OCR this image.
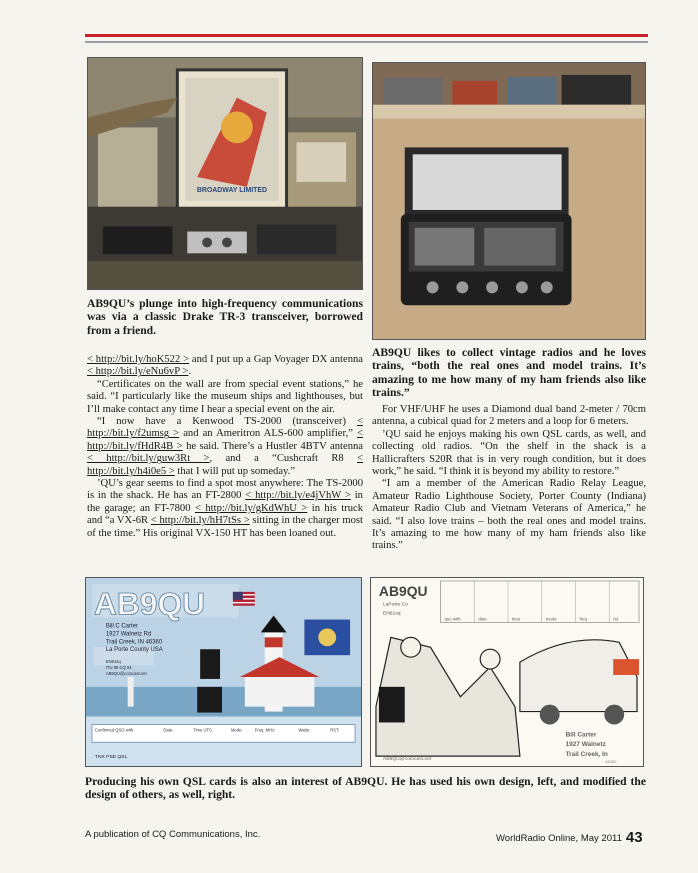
BROADWAY LIMITED
AB9QU’s plunge into high-frequency communications was via a classic Drake TR-3 transceiver, borrowed from a friend.
AB9QU likes to collect vintage radios and he loves trains, “both the real ones and model trains. It’s amazing to me how many of my ham friends also like trains.”

< http://bit.ly/hoK522 > and I put up a Gap Voyager DX antenna < http://bit.ly/eNu6vP >.

“Certificates on the wall are from special event stations,” he said. “I particularly like the museum ships and lighthouses, but I’ll make contact any time I hear a special event on the air.

“I now have a Kenwood TS-2000 (transceiver) < http://bit.ly/f2umsg > and an Ameritron ALS-600 amplifier,” < http://bit.ly/fHdR4B > he said. There’s a Hustler 4BTV antenna < http://bit.ly/guw3Rt >, and a “Cushcraft R8 < http://bit.ly/h4i0e5 > that I will put up someday.”

’QU’s gear seems to find a spot most anywhere: The TS-2000 is in the shack. He has an FT-2800 < http://bit.ly/e4jVhW > in the garage; an FT-7800 < http://bit.ly/gKdWhU > in his truck and “a VX-6R < http://bit.ly/hH7tSs > sitting in the charger most of the time.” His original VX-150 HT has been loaned out.

For VHF/UHF he uses a Diamond dual band 2-meter / 70cm antenna, a cubical quad for 2 meters and a loop for 6 meters.

’QU said he enjoys making his own QSL cards, as well, and collecting old radios. “On the shelf in the shack is a Hallicrafters S20R that is in very rough condition, but it does work,” he said. “I think it is beyond my ability to restore.”

“I am a member of the American Radio Relay League, Amateur Radio Lighthouse Society, Porter County (Indiana) Amateur Radio Club and Vietnam Veterans of America,” he said. “I also love trains – both the real ones and model trains. It’s amazing to me how many of my ham friends also like trains.”

AB9QU
Bill C Carter
1927 Walnetz Rd
Trail Creek, IN 46360
La Porte County USA
EN61sq
ITU 08 CQ 04
AB9QU@comcast.net
Confirmed QSO with:	Date:	Time UTC:	Mode:	Freq. MHz:	Watts:	RST:
TNX PSE QSL
AB9QU
LaPorte Co
EN61sq
qso with	date	time	mode	freq	rst
Bill Carter
1927 Walnetz
Trail Creek, In
46360
AB9QU@comcast.net
Producing his own QSL cards is also an interest of AB9QU. He has used his own design, left, and modified the design of others, as well, right.
A publication of CQ Communications, Inc.	WorldRadio Online, May 2011 43
